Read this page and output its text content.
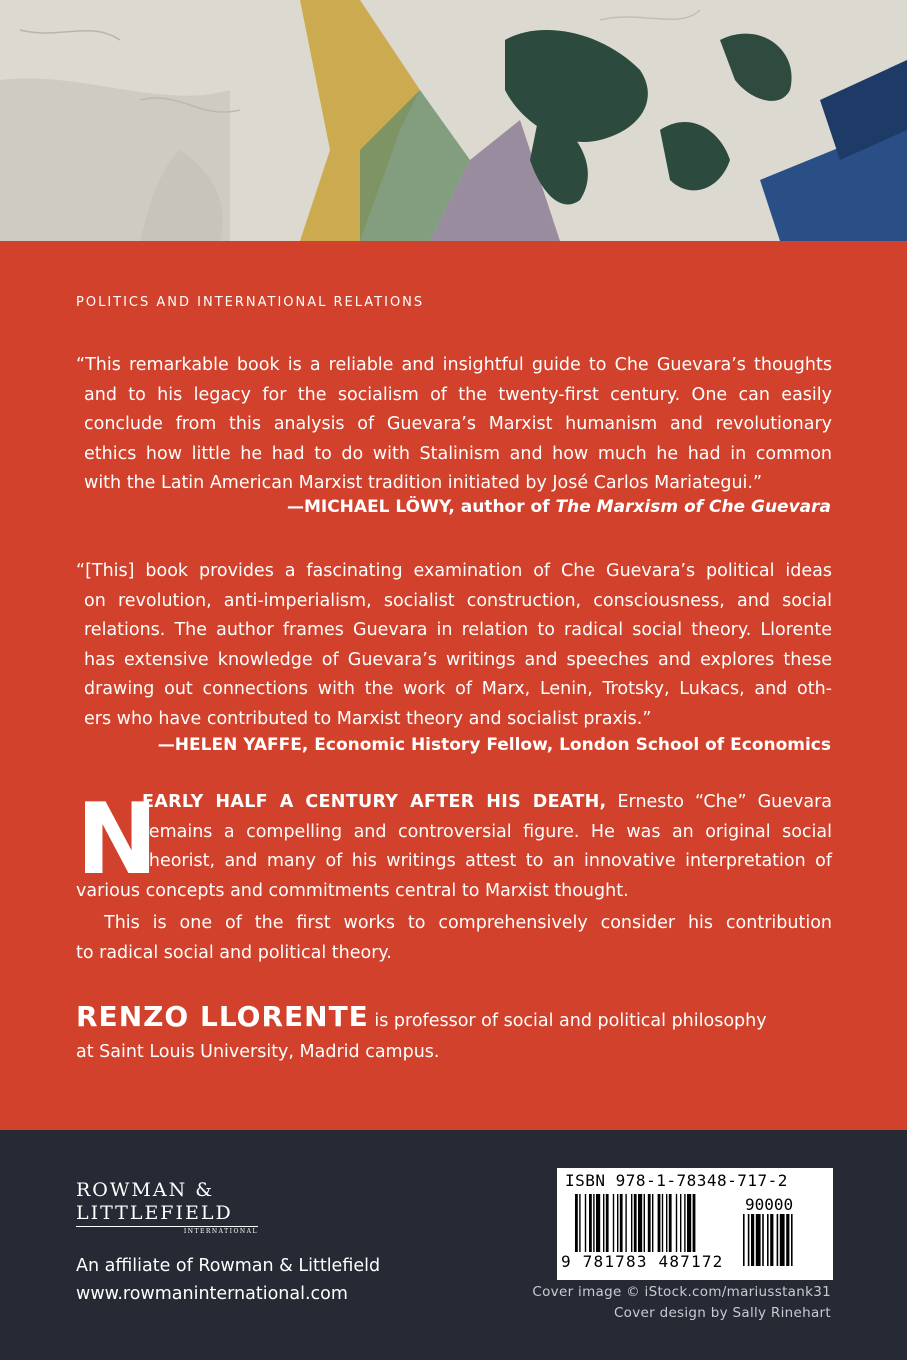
POLITICS AND INTERNATIONAL RELATIONS

“This remarkable book is a reliable and insightful guide to Che Guevara’s thoughts
and to his legacy for the socialism of the twenty-first century. One can easily
conclude from this analysis of Guevara’s Marxist humanism and revolutionary
ethics how little he had to do with Stalinism and how much he had in common
with the Latin American Marxist tradition initiated by José Carlos Mariategui.”

—MICHAEL LÖWY, author of The Marxism of Che Guevara

“[This] book provides a fascinating examination of Che Guevara’s political ideas
on revolution, anti-imperialism, socialist construction, consciousness, and social
relations. The author frames Guevara in relation to radical social theory. Llorente
has extensive knowledge of Guevara’s writings and speeches and explores these
drawing out connections with the work of Marx, Lenin, Trotsky, Lukacs, and oth-
ers who have contributed to Marxist theory and socialist praxis.”

—HELEN YAFFE, Economic History Fellow, London School of Economics

N
EARLY HALF A CENTURY AFTER HIS DEATH, Ernesto “Che” Guevara
remains a compelling and controversial figure. He was an original social
theorist, and many of his writings attest to an innovative interpretation of
various concepts and commitments central to Marxist thought.
This is one of the first works to comprehensively consider his contribution
to radical social and political theory.
RENZO LLORENTE is professor of social and political philosophy
at Saint Louis University, Madrid campus.
ROWMAN &
LITTLEFIELD
INTERNATIONAL
An affiliate of Rowman & Littlefield
www.rowmaninternational.com
ISBN 978-1-78348-717-2
90000
9 781783 487172
Cover image © iStock.com/mariusstank31
Cover design by Sally Rinehart
